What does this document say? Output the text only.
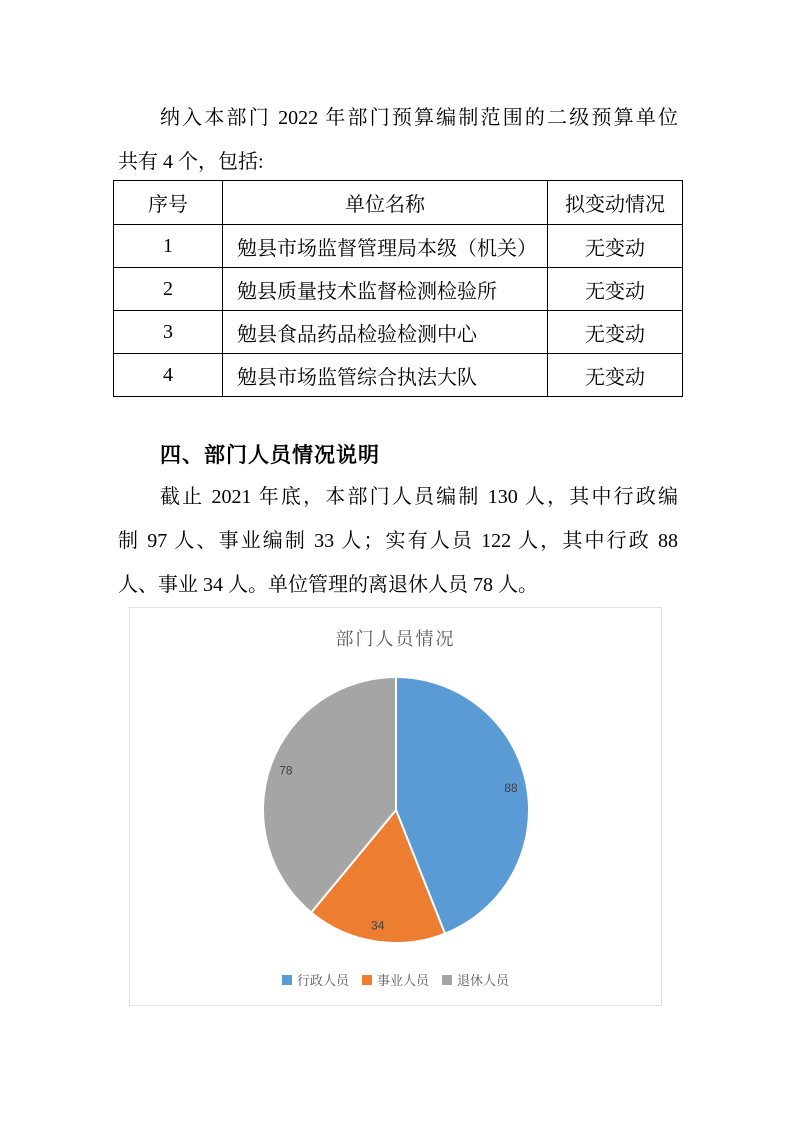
纳入本部门 2022 年部门预算编制范围的二级预算单位
共有 4 个，包括:
序号	单位名称	拟变动情况
1	勉县市场监督管理局本级（机关）	无变动
2	勉县质量技术监督检测检验所	无变动
3	勉县食品药品检验检测中心	无变动
4	勉县市场监管综合执法大队	无变动
四、部门人员情况说明
截止 2021 年底，本部门人员编制 130 人，其中行政编
制 97 人、事业编制 33 人；实有人员 122 人，其中行政 88
人、事业 34 人。单位管理的离退休人员 78 人。
部门人员情况
88
34
78
行政人员 事业人员 退休人员
